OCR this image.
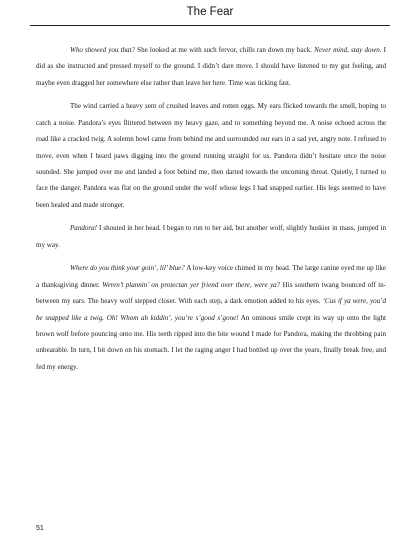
The Fear

Who showed you that? She looked at me with such fervor, chills ran down my back. Never mind, stay down. I did as she instructed and pressed myself to the ground. I didn’t dare move. I should have listened to my gut feeling, and maybe even dragged her somewhere else rather than leave her here. Time was ticking fast.

The wind carried a heavy sent of crushed leaves and rotten eggs. My ears flicked towards the smell, hoping to catch a noise. Pandora’s eyes flittered between my heavy gaze, and to something beyond me. A noise echoed across the road like a cracked twig. A solemn howl came from behind me and surrounded our ears in a sad yet, angry note. I refused to move, even when I heard paws digging into the ground running straight for us. Pandora didn’t hesitate once the noise sounded. She jumped over me and landed a foot behind me, then darted towards the oncoming threat. Quietly, I turned to face the danger. Pandora was flat on the ground under the wolf whose legs I had snapped earlier. His legs seemed to have been healed and made stronger.

Pandora! I shouted in her head. I began to run to her aid, but another wolf, slightly huskier in mass, jumped in my way.

Where do you think your goin’, lil’ blue? A low-key voice chimed in my head. The large canine eyed me up like a thanksgiving dinner. Weren’t plannin’ on protectan yer friend over there, were ya? His southern twang bounced off in-between my ears. The heavy wolf stepped closer. With each step, a dark emotion added to his eyes. ‘Cus if ya were, you’d be snapped like a twig. Oh! Whom ah kiddin’, you’re s’good s’gone! An ominous smile crept its way up onto the light brown wolf before pouncing onto me. His teeth ripped into the bite wound I made for Pandora, making the throbbing pain unbearable. In turn, I bit down on his stomach. I let the raging anger I had bottled up over the years, finally break free, and fed my energy.

51
